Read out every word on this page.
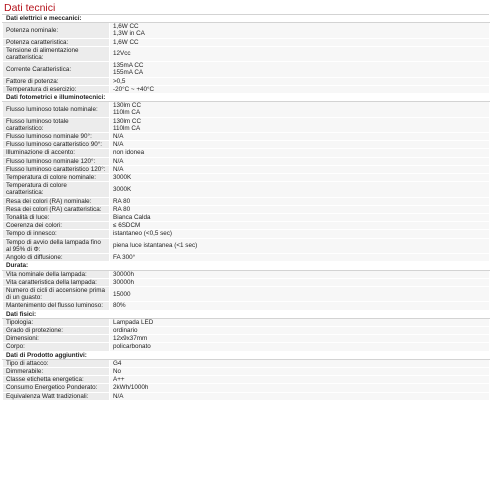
Dati tecnici
Dati elettrici e meccanici:	

Potenza nominale:	1,6W CC
1,3W in CA

Potenza caratteristica:	1,6W CC

Tensione di alimentazione caratteristica:	12Vcc

Corrente Caratteristica:	135mA CC
155mA CA

Fattore di potenza:	>0,5

Temperatura di esercizio:	-20°C ~ +40°C

Dati fotometrici e illuminotecnici:	

Flusso luminoso totale nominale:	130lm CC
110lm CA

Flusso luminoso totale caratteristico:	130lm CC
110lm CA

Flusso luminoso nominale 90°:	N/A

Flusso luminoso caratteristico 90°:	N/A

Illuminazione di accento:	non idonea

Flusso luminoso nominale 120°:	N/A

Flusso luminoso caratteristico 120°:	N/A

Temperatura di colore nominale:	3000K

Temperatura di colore caratteristica:	3000K

Resa dei colori (RA) nominale:	RA 80

Resa dei colori (RA) caratteristica:	RA 80

Tonalità di luce:	Bianca Calda

Coerenza dei colori:	≤ 6SDCM

Tempo di innesco:	istantaneo (<0,5 sec)

Tempo di avvio della lampada fino al 95% di Φ:	piena luce istantanea (<1 sec)

Angolo di diffusione:	FA 300°

Durata:	

Vita nominale della lampada:	30000h

Vita caratteristica della lampada:	30000h

Numero di cicli di accensione prima di un guasto:	15000

Mantenimento del flusso luminoso:	80%

Dati fisici:	

Tipologia:	Lampada LED

Grado di protezione:	ordinario

Dimensioni:	12x9x37mm

Corpo:	policarbonato

Dati di Prodotto aggiuntivi:	

Tipo di attacco:	G4

Dimmerabile:	No

Classe etichetta energetica:	A++

Consumo Energetico Ponderato:	2kWh/1000h

Equivalenza Watt tradizionali:	N/A
